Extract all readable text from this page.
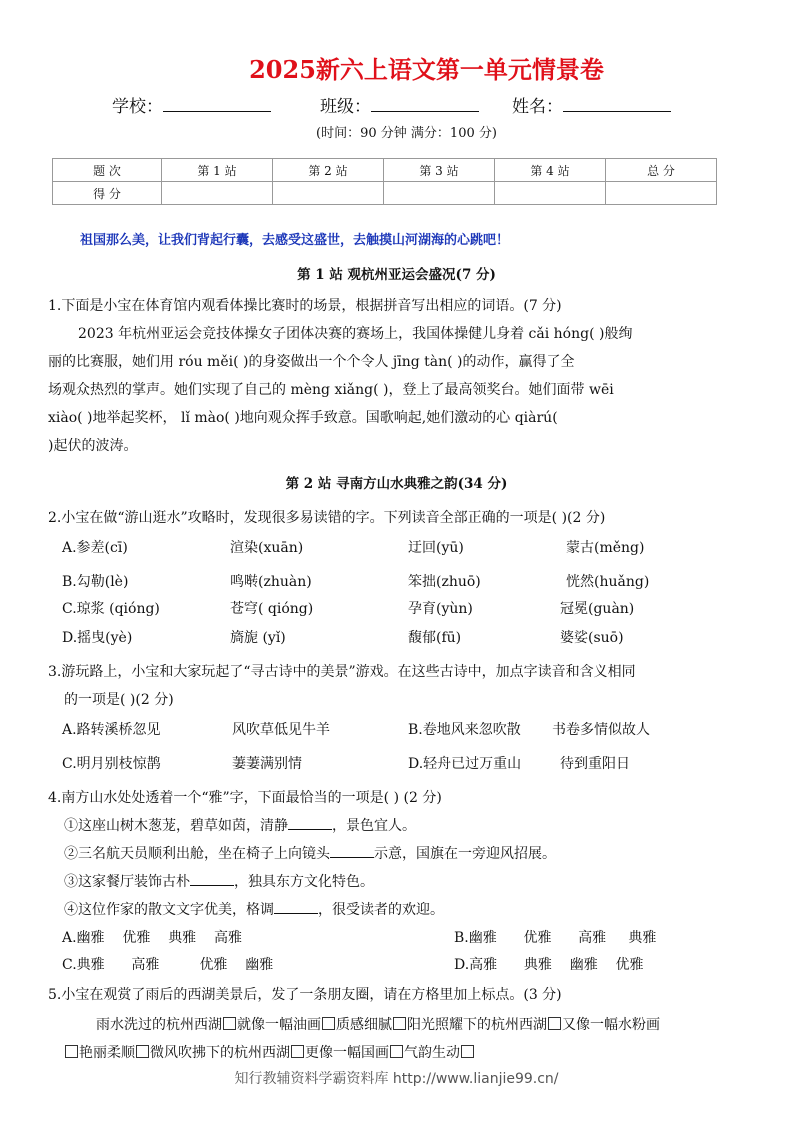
2025新六上语文第一单元情景卷
学校：	班级：	姓名：
(时间：90 分钟 满分：100 分)
题 次	第 1 站	第 2 站	第 3 站	第 4 站	总 分
得 分					
祖国那么美，让我们背起行囊，去感受这盛世，去触摸山河湖海的心跳吧！
第 1 站 观杭州亚运会盛况(7 分)
1.下面是小宝在体育馆内观看体操比赛时的场景，根据拼音写出相应的词语。(7 分)
2023 年杭州亚运会竞技体操女子团体决赛的赛场上，我国体操健儿身着 cǎi hóng( )般绚
丽的比赛服，她们用 róu měi( )的身姿做出一个个令人 jīng tàn( )的动作，赢得了全
场观众热烈的掌声。她们实现了自己的 mèng xiǎng( )，登上了最高领奖台。她们面带 wēi
xiào( )地举起奖杯， lǐ mào( )地向观众挥手致意。国歌响起,她们激动的心 qiàrú(
)起伏的波涛。
第 2 站 寻南方山水典雅之韵(34 分)
2.小宝在做“游山逛水”攻略时，发现很多易读错的字。下列读音全部正确的一项是( )(2 分)
A.参差(cī)	渲染(xuān)	迂回(yū)	蒙古(měng)
B.勾勒(lè)	鸣啭(zhuàn)	笨拙(zhuō)	恍然(huǎng)
C.琼浆 (qióng)	苍穹( qióng)	孕育(yùn)	冠冕(guàn)
D.摇曳(yè)	旖旎 (yǐ)	馥郁(fū)	婆娑(suō)
3.游玩路上，小宝和大家玩起了“寻古诗中的美景”游戏。在这些古诗中，加点字读音和含义相同
的一项是( )(2 分)
A.路转溪桥忽见	风吹草低见牛羊	B.卷地风来忽吹散 书卷多情似故人
C.明月别枝惊鹊	萋萋满别情	D.轻舟已过万重山	待到重阳日
4.南方山水处处透着一个“雅”字，下面最恰当的一项是( ) (2 分)
①这座山树木葱茏，碧草如茵，清静	，景色宜人。
②三名航天员顺利出舱，坐在椅子上向镜头	示意，国旗在一旁迎风招展。
③这家餐厅装饰古朴	，独具东方文化特色。
④这位作家的散文文字优美，格调	，很受读者的欢迎。
A.幽雅 优雅 典雅 高雅	B.幽雅 优雅 高雅 典雅
C.典雅 高雅	优雅 幽雅	D.高雅 典雅 幽雅 优雅
5.小宝在观赏了雨后的西湖美景后，发了一条朋友圈，请在方格里加上标点。(3 分)
雨水洗过的杭州西湖 就像一幅油画 质感细腻 阳光照耀下的杭州西湖 又像一幅水粉画
艳丽柔顺 微风吹拂下的杭州西湖 更像一幅国画 气韵生动
知行教辅资料学霸资料库 http://www.lianjie99.cn/
